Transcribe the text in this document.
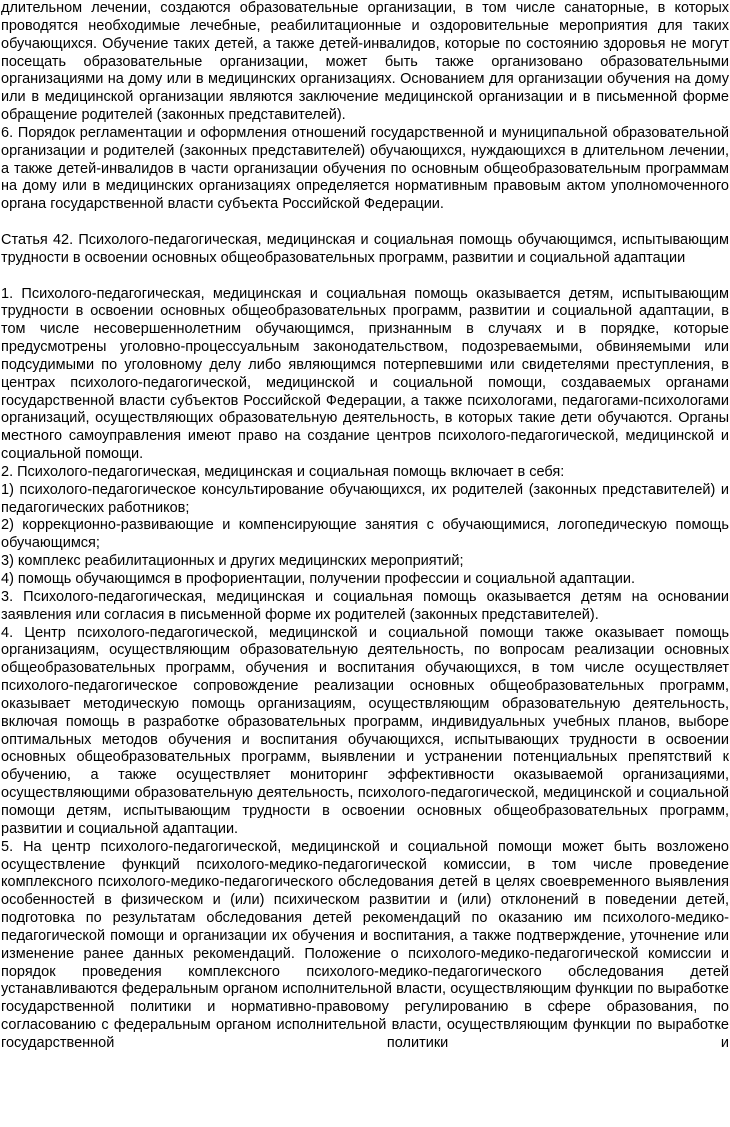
длительном лечении, создаются образовательные организации, в том числе санаторные, в которых проводятся необходимые лечебные, реабилитационные и оздоровительные мероприятия для таких обучающихся. Обучение таких детей, а также детей-инвалидов, которые по состоянию здоровья не могут посещать образовательные организации, может быть также организовано образовательными организациями на дому или в медицинских организациях. Основанием для организации обучения на дому или в медицинской организации являются заключение медицинской организации и в письменной форме обращение родителей (законных представителей).

6. Порядок регламентации и оформления отношений государственной и муниципальной образовательной организации и родителей (законных представителей) обучающихся, нуждающихся в длительном лечении, а также детей-инвалидов в части организации обучения по основным общеобразовательным программам на дому или в медицинских организациях определяется нормативным правовым актом уполномоченного органа государственной власти субъекта Российской Федерации.

Статья 42. Психолого-педагогическая, медицинская и социальная помощь обучающимся, испытывающим трудности в освоении основных общеобразовательных программ, развитии и социальной адаптации

1. Психолого-педагогическая, медицинская и социальная помощь оказывается детям, испытывающим трудности в освоении основных общеобразовательных программ, развитии и социальной адаптации, в том числе несовершеннолетним обучающимся, признанным в случаях и в порядке, которые предусмотрены уголовно-процессуальным законодательством, подозреваемыми, обвиняемыми или подсудимыми по уголовному делу либо являющимся потерпевшими или свидетелями преступления, в центрах психолого-педагогической, медицинской и социальной помощи, создаваемых органами государственной власти субъектов Российской Федерации, а также психологами, педагогами-психологами организаций, осуществляющих образовательную деятельность, в которых такие дети обучаются. Органы местного самоуправления имеют право на создание центров психолого-педагогической, медицинской и социальной помощи.

2. Психолого-педагогическая, медицинская и социальная помощь включает в себя:

1) психолого-педагогическое консультирование обучающихся, их родителей (законных представителей) и педагогических работников;

2) коррекционно-развивающие и компенсирующие занятия с обучающимися, логопедическую помощь обучающимся;

3) комплекс реабилитационных и других медицинских мероприятий;

4) помощь обучающимся в профориентации, получении профессии и социальной адаптации.

3. Психолого-педагогическая, медицинская и социальная помощь оказывается детям на основании заявления или согласия в письменной форме их родителей (законных представителей).

4. Центр психолого-педагогической, медицинской и социальной помощи также оказывает помощь организациям, осуществляющим образовательную деятельность, по вопросам реализации основных общеобразовательных программ, обучения и воспитания обучающихся, в том числе осуществляет психолого-педагогическое сопровождение реализации основных общеобразовательных программ, оказывает методическую помощь организациям, осуществляющим образовательную деятельность, включая помощь в разработке образовательных программ, индивидуальных учебных планов, выборе оптимальных методов обучения и воспитания обучающихся, испытывающих трудности в освоении основных общеобразовательных программ, выявлении и устранении потенциальных препятствий к обучению, а также осуществляет мониторинг эффективности оказываемой организациями, осуществляющими образовательную деятельность, психолого-педагогической, медицинской и социальной помощи детям, испытывающим трудности в освоении основных общеобразовательных программ, развитии и социальной адаптации.

5. На центр психолого-педагогической, медицинской и социальной помощи может быть возложено осуществление функций психолого-медико-педагогической комиссии, в том числе проведение комплексного психолого-медико-педагогического обследования детей в целях своевременного выявления особенностей в физическом и (или) психическом развитии и (или) отклонений в поведении детей, подготовка по результатам обследования детей рекомендаций по оказанию им психолого-медико-педагогической помощи и организации их обучения и воспитания, а также подтверждение, уточнение или изменение ранее данных рекомендаций. Положение о психолого-медико-педагогической комиссии и порядок проведения комплексного психолого-медико-педагогического обследования детей устанавливаются федеральным органом исполнительной власти, осуществляющим функции по выработке государственной политики и нормативно-правовому регулированию в сфере образования, по согласованию с федеральным органом исполнительной власти, осуществляющим функции по выработке государственной политики и
